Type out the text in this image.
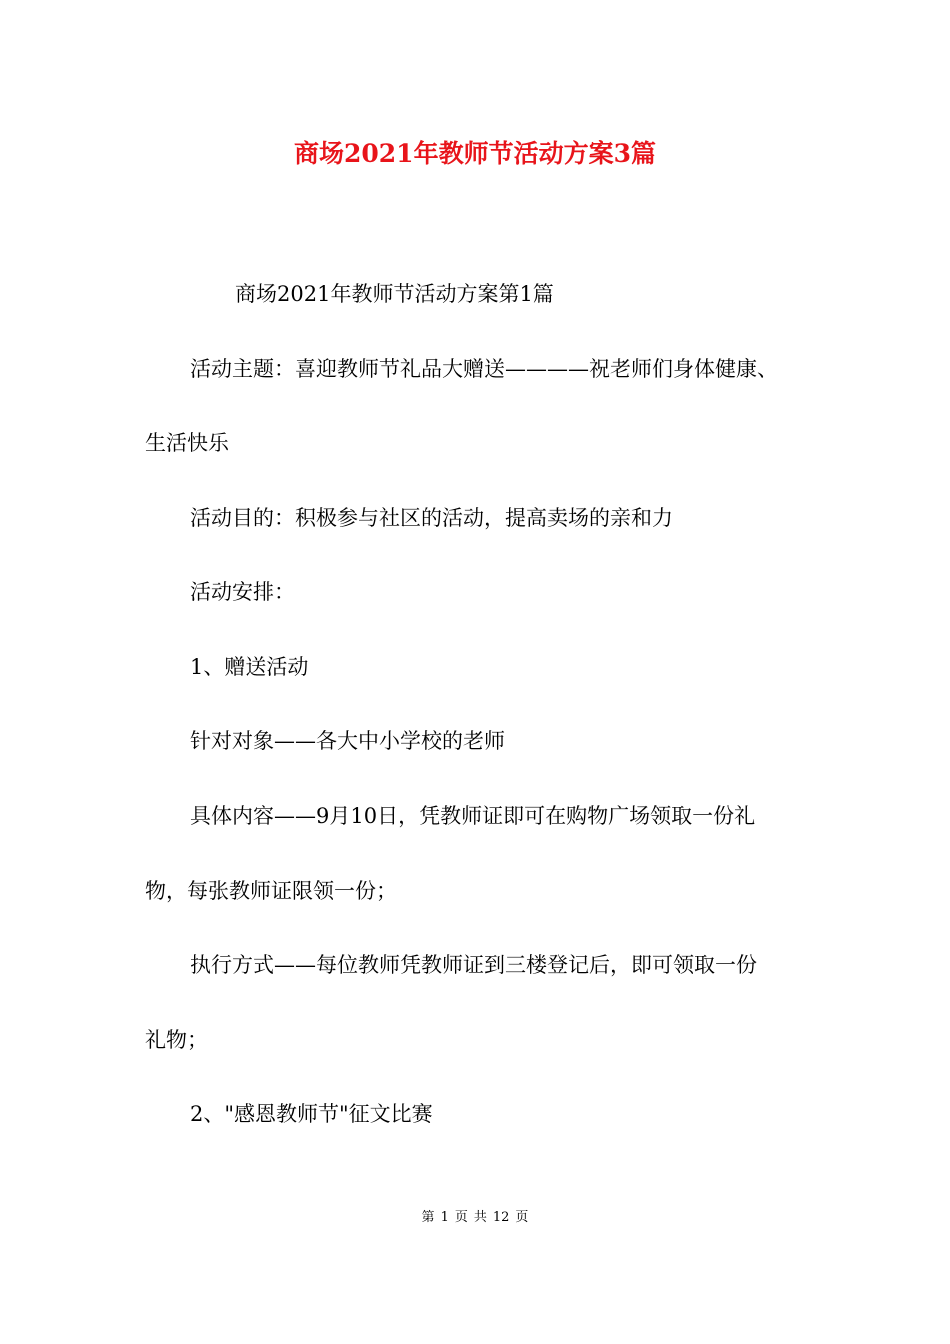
商场2021年教师节活动方案3篇
商场2021年教师节活动方案第1篇
活动主题：喜迎教师节礼品大赠送————祝老师们身体健康、
生活快乐
活动目的：积极参与社区的活动，提高卖场的亲和力
活动安排：
1、赠送活动
针对对象——各大中小学校的老师
具体内容——9月10日，凭教师证即可在购物广场领取一份礼
物，每张教师证限领一份；
执行方式——每位教师凭教师证到三楼登记后，即可领取一份
礼物；
2、"感恩教师节"征文比赛
第 1 页 共 12 页
